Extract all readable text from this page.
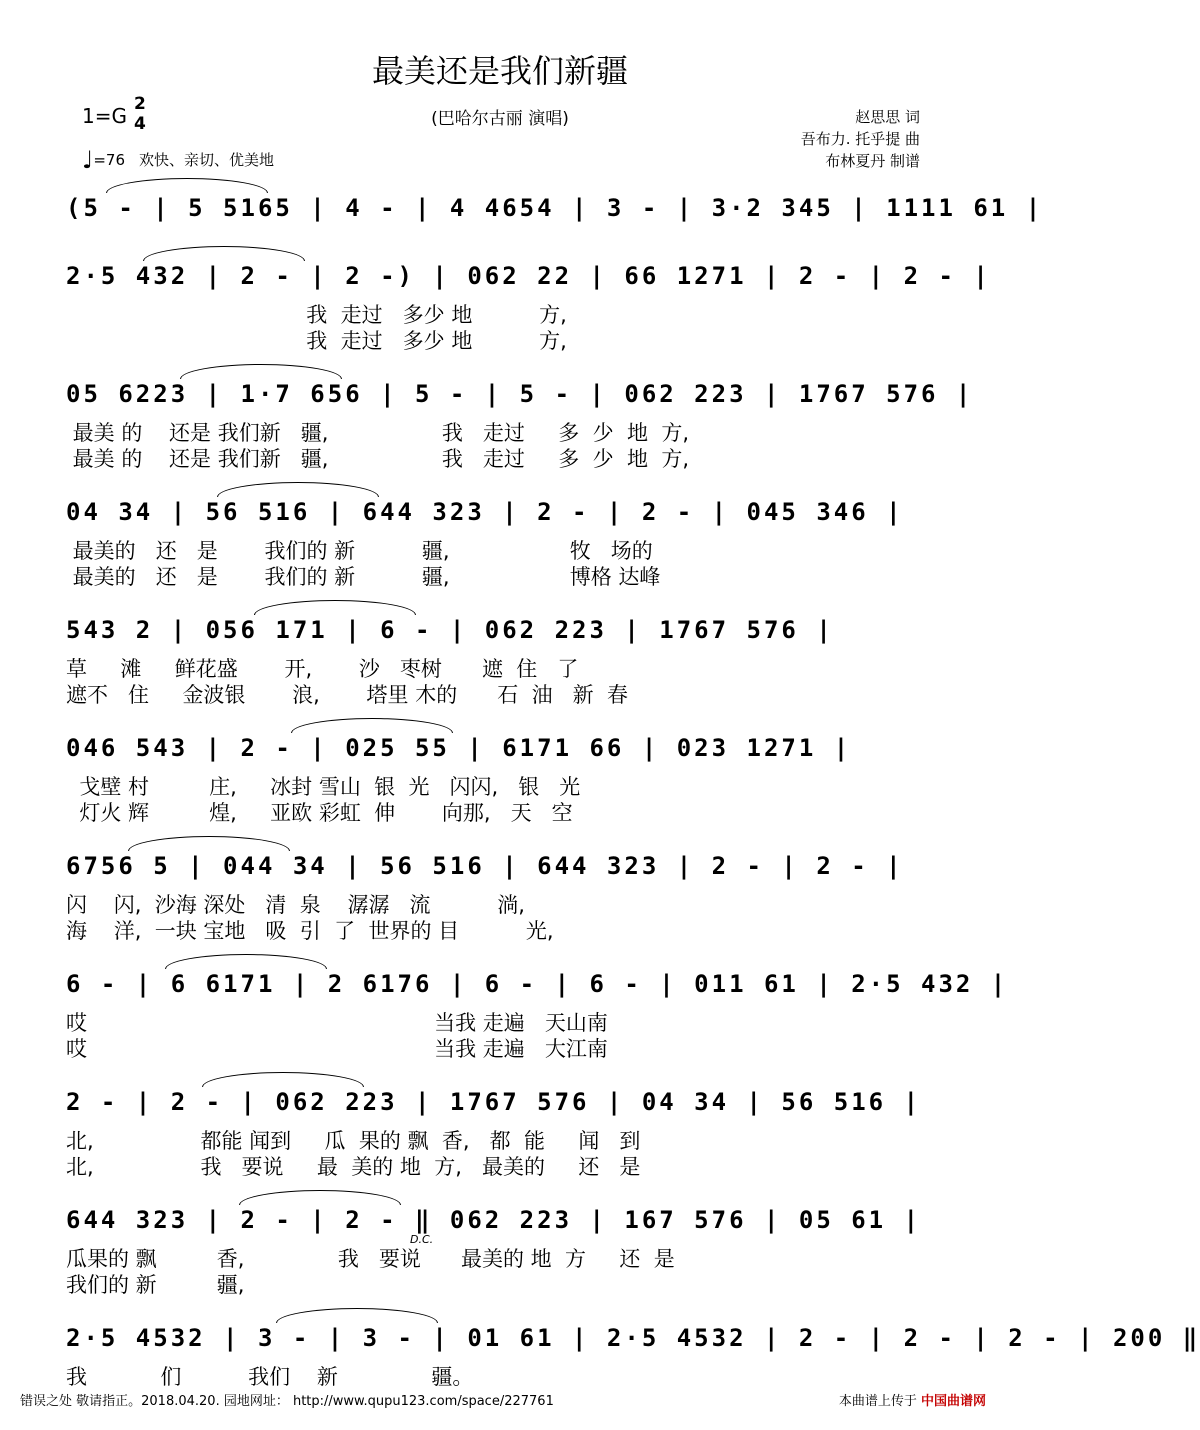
最美还是我们新疆
1=G 2
4
♩=76 欢快、亲切、优美地
(巴哈尔古丽 演唱)	赵思思 词
吾布力. 托乎提 曲
布林夏丹 制谱
(5 - | 5 5165 | 4 - | 4 4654 | 3 - | 3·2 345 | 1111 61 |
2·5 432 | 2 - | 2 -) | 062 22 | 66 1271 | 2 - | 2 - |
我  走过   多少 地          方,
我  走过   多少 地          方,
05 6223 | 1·7 656 | 5 - | 5 - | 062 223 | 1767 576 |
最美 的    还是 我们新   疆,                 我   走过     多  少  地  方,
最美 的    还是 我们新   疆,                 我   走过     多  少  地  方,
04 34 | 56 516 | 644 323 | 2 - | 2 - | 045 346 |
最美的   还   是       我们的 新          疆,                  牧   场的
最美的   还   是       我们的 新          疆,                  博格 达峰
543 2 | 056 171 | 6 - | 062 223 | 1767 576 |
草     滩     鲜花盛       开,       沙   枣树      遮  住   了
遮不   住     金波银       浪,       塔里 木的      石  油   新  春
046 543 | 2 - | 025 55 | 6171 66 | 023 1271 |
戈壁 村         庄,     冰封 雪山  银  光   闪闪,   银   光
灯火 辉         煌,     亚欧 彩虹  伸       向那,   天   空
6756 5 | 044 34 | 56 516 | 644 323 | 2 - | 2 - |
闪    闪,  沙海 深处   清  泉    潺潺   流          淌,
海    洋,  一块 宝地   吸  引  了  世界的 目          光,
6 - | 6 6171 | 2 6176 | 6 - | 6 - | 011 61 | 2·5 432 |
哎                                                    当我 走遍   天山南
哎                                                    当我 走遍   大江南
2 - | 2 - | 062 223 | 1767 576 | 04 34 | 56 516 |
北,                都能 闻到     瓜  果的 飘  香,   都  能     闻   到
北,                我   要说     最  美的 地  方,   最美的     还   是
644 323 | 2 - | 2 - ‖ 062 223 | 167 576 | 05 61 |
瓜果的 飘         香,              我   要说      最美的 地  方     还  是
我们的 新         疆,
2·5 4532 | 3 - | 3 - | 01 61 | 2·5 4532 | 2 - | 2 - | 2 - | 200 ‖
我           们          我们    新              疆。
D.C.
错误之处 敬请指正。2018.04.20. 园地网址： http://www.qupu123.com/space/227761	本曲谱上传于 中国曲谱网
